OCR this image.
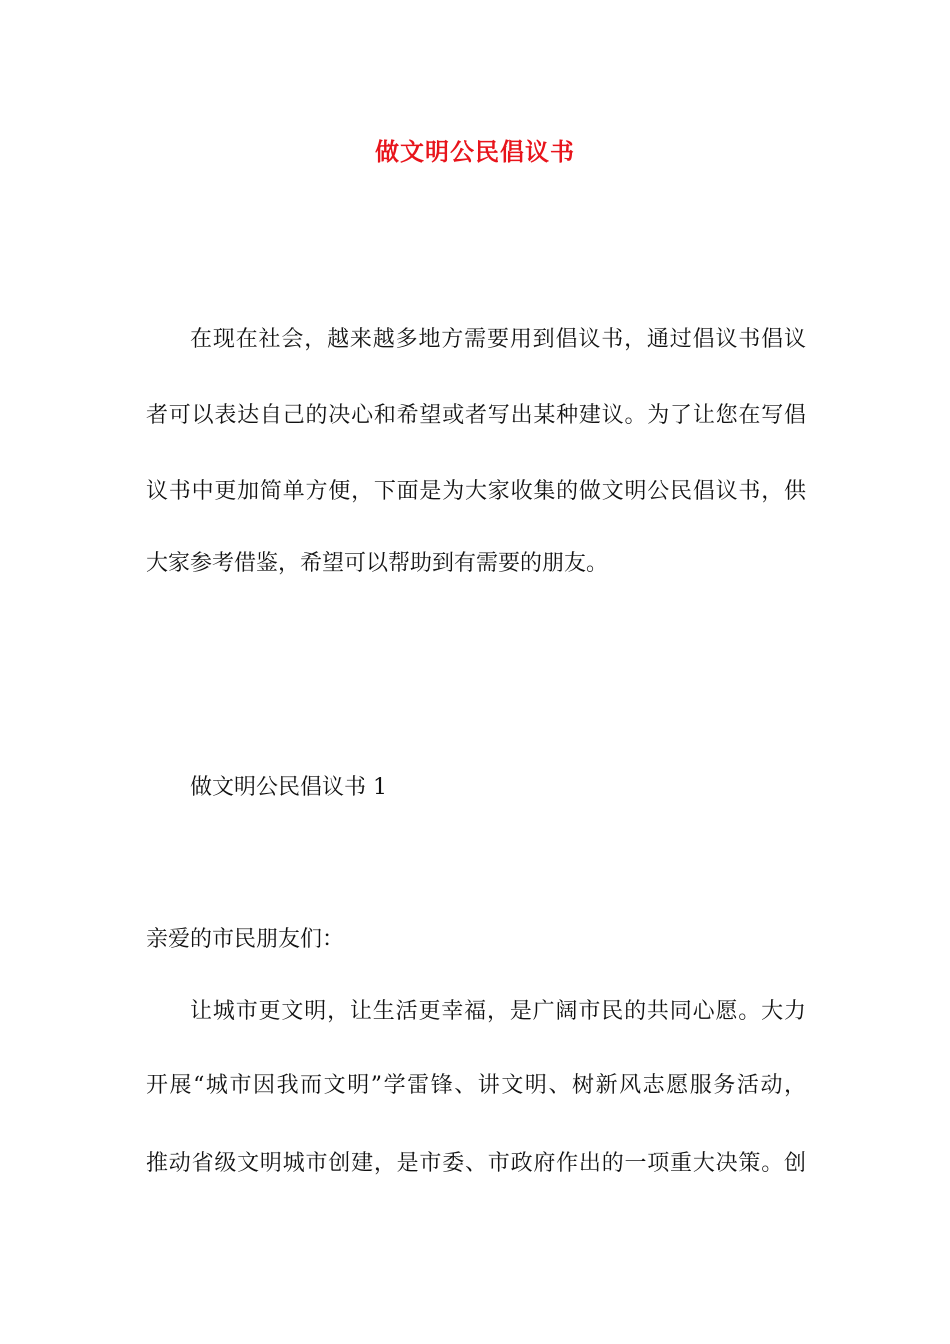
做文明公民倡议书
在现在社会，越来越多地方需要用到倡议书，通过倡议书倡议
者可以表达自己的决心和希望或者写出某种建议。为了让您在写倡
议书中更加简单方便，下面是为大家收集的做文明公民倡议书，供
大家参考借鉴，希望可以帮助到有需要的朋友。
做文明公民倡议书 1
亲爱的市民朋友们：
让城市更文明，让生活更幸福，是广阔市民的共同心愿。大力
开展“城市因我而文明”学雷锋、讲文明、树新风志愿服务活动，
推动省级文明城市创建，是市委、市政府作出的一项重大决策。创
